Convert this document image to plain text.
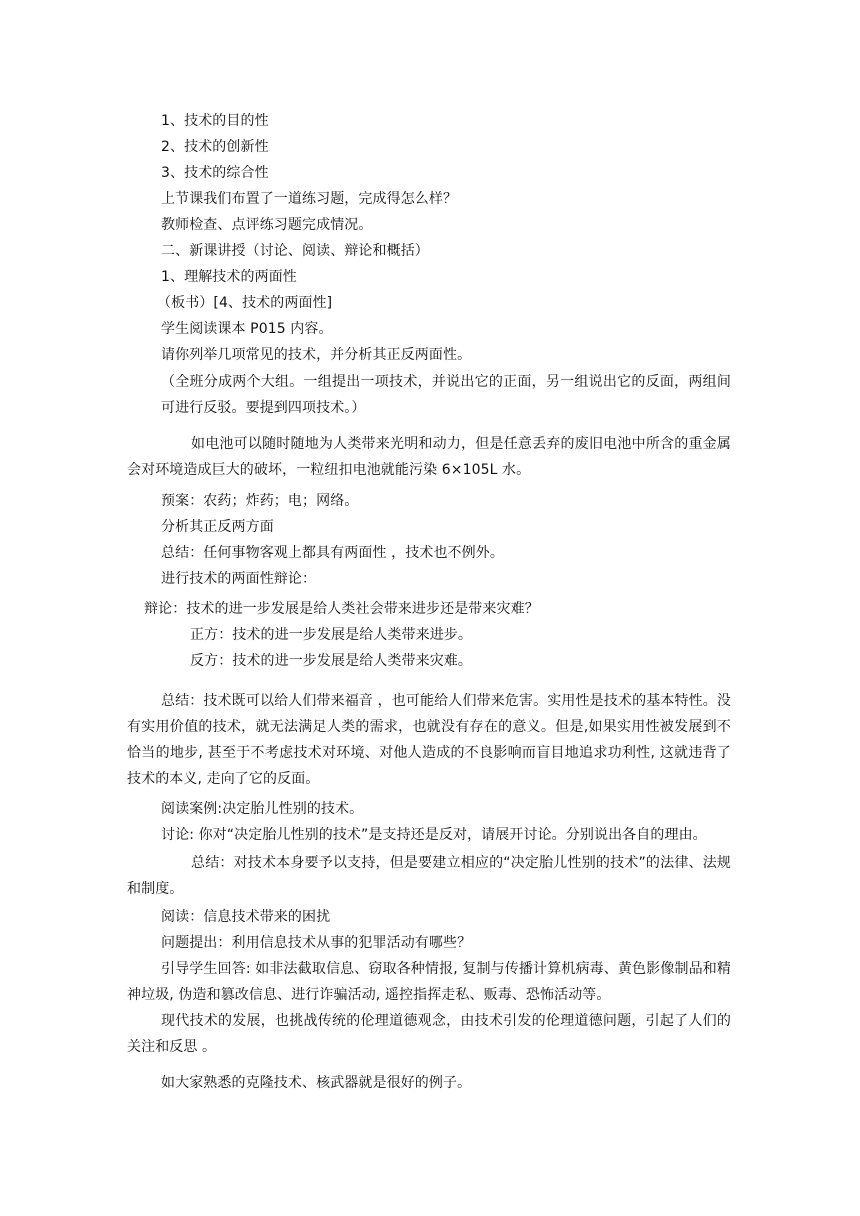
1、技术的目的性
2、技术的创新性
3、技术的综合性
上节课我们布置了一道练习题，完成得怎么样？
教师检查、点评练习题完成情况。
二、新课讲授（讨论、阅读、辩论和概括）
1、理解技术的两面性
（板书）[4、技术的两面性]
学生阅读课本 P015 内容。
请你列举几项常见的技术，并分析其正反两面性。
（全班分成两个大组。一组提出一项技术，并说出它的正面，另一组说出它的反面，两组间可进行反驳。要提到四项技术。）
如电池可以随时随地为人类带来光明和动力，但是任意丢弃的废旧电池中所含的重金属会对环境造成巨大的破坏，一粒纽扣电池就能污染 6×105L 水。
预案：农药；炸药；电；网络。
分析其正反两方面
总结：任何事物客观上都具有两面性 ，技术也不例外。
进行技术的两面性辩论：
辩论：技术的进一步发展是给人类社会带来进步还是带来灾难？
正方：技术的进一步发展是给人类带来进步。
反方：技术的进一步发展是给人类带来灾难。
总结：技术既可以给人们带来福音 ，也可能给人们带来危害。实用性是技术的基本特性。没有实用价值的技术，就无法满足人类的需求，也就没有存在的意义。但是,如果实用性被发展到不恰当的地步, 甚至于不考虑技术对环境、对他人造成的不良影响而盲目地追求功利性, 这就违背了技术的本义, 走向了它的反面。
阅读案例:决定胎儿性别的技术。
讨论: 你对“决定胎儿性别的技术”是支持还是反对，请展开讨论。分别说出各自的理由。
总结：对技术本身要予以支持，但是要建立相应的“决定胎儿性别的技术”的法律、法规和制度。
阅读：信息技术带来的困扰
问题提出：利用信息技术从事的犯罪活动有哪些？
引导学生回答: 如非法截取信息、窃取各种情报, 复制与传播计算机病毒、黄色影像制品和精神垃圾, 伪造和篡改信息、进行诈骗活动, 遥控指挥走私、贩毒、恐怖活动等。
现代技术的发展，也挑战传统的伦理道德观念，由技术引发的伦理道德问题，引起了人们的关注和反思 。
如大家熟悉的克隆技术、核武器就是很好的例子。
